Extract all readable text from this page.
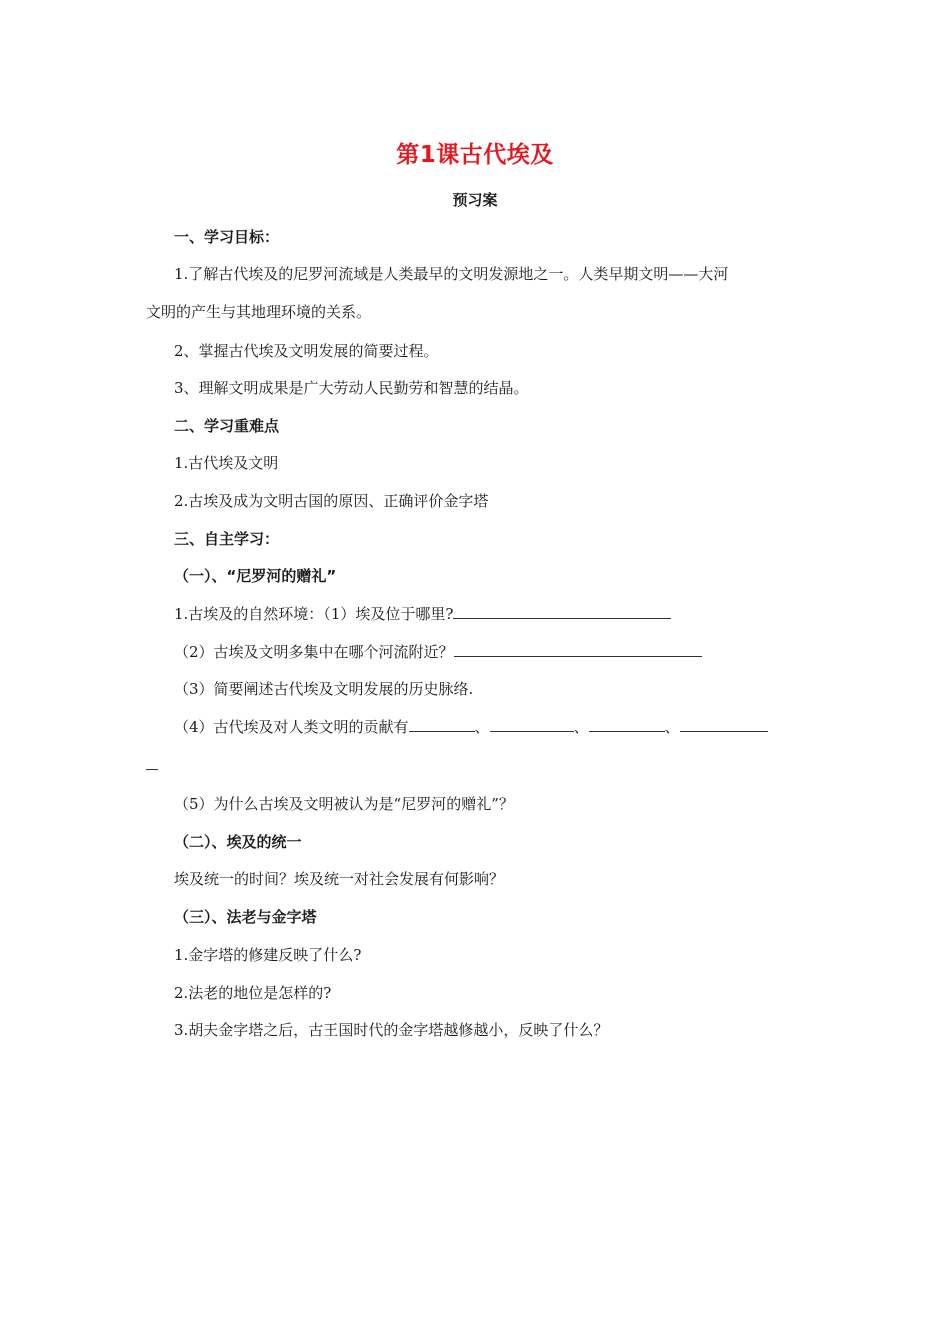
第1课古代埃及
预习案
一、学习目标：
1.了解古代埃及的尼罗河流域是人类最早的文明发源地之一。人类早期文明——大河
文明的产生与其地理环境的关系。
2、掌握古代埃及文明发展的简要过程。
3、理解文明成果是广大劳动人民勤劳和智慧的结晶。
二、学习重难点
1.古代埃及文明
2.古埃及成为文明古国的原因、正确评价金字塔
三、自主学习：
（一）、“尼罗河的赠礼”
1.古埃及的自然环境：（1）埃及位于哪里?
（2）古埃及文明多集中在哪个河流附近？
（3）简要阐述古代埃及文明发展的历史脉络.
（4）古代埃及对人类文明的贡献有	、	、	、
（5）为什么古埃及文明被认为是“尼罗河的赠礼”？
（二）、埃及的统一
埃及统一的时间？埃及统一对社会发展有何影响？
（三）、法老与金字塔
1.金字塔的修建反映了什么?
2.法老的地位是怎样的?
3.胡夫金字塔之后，古王国时代的金字塔越修越小，反映了什么？
